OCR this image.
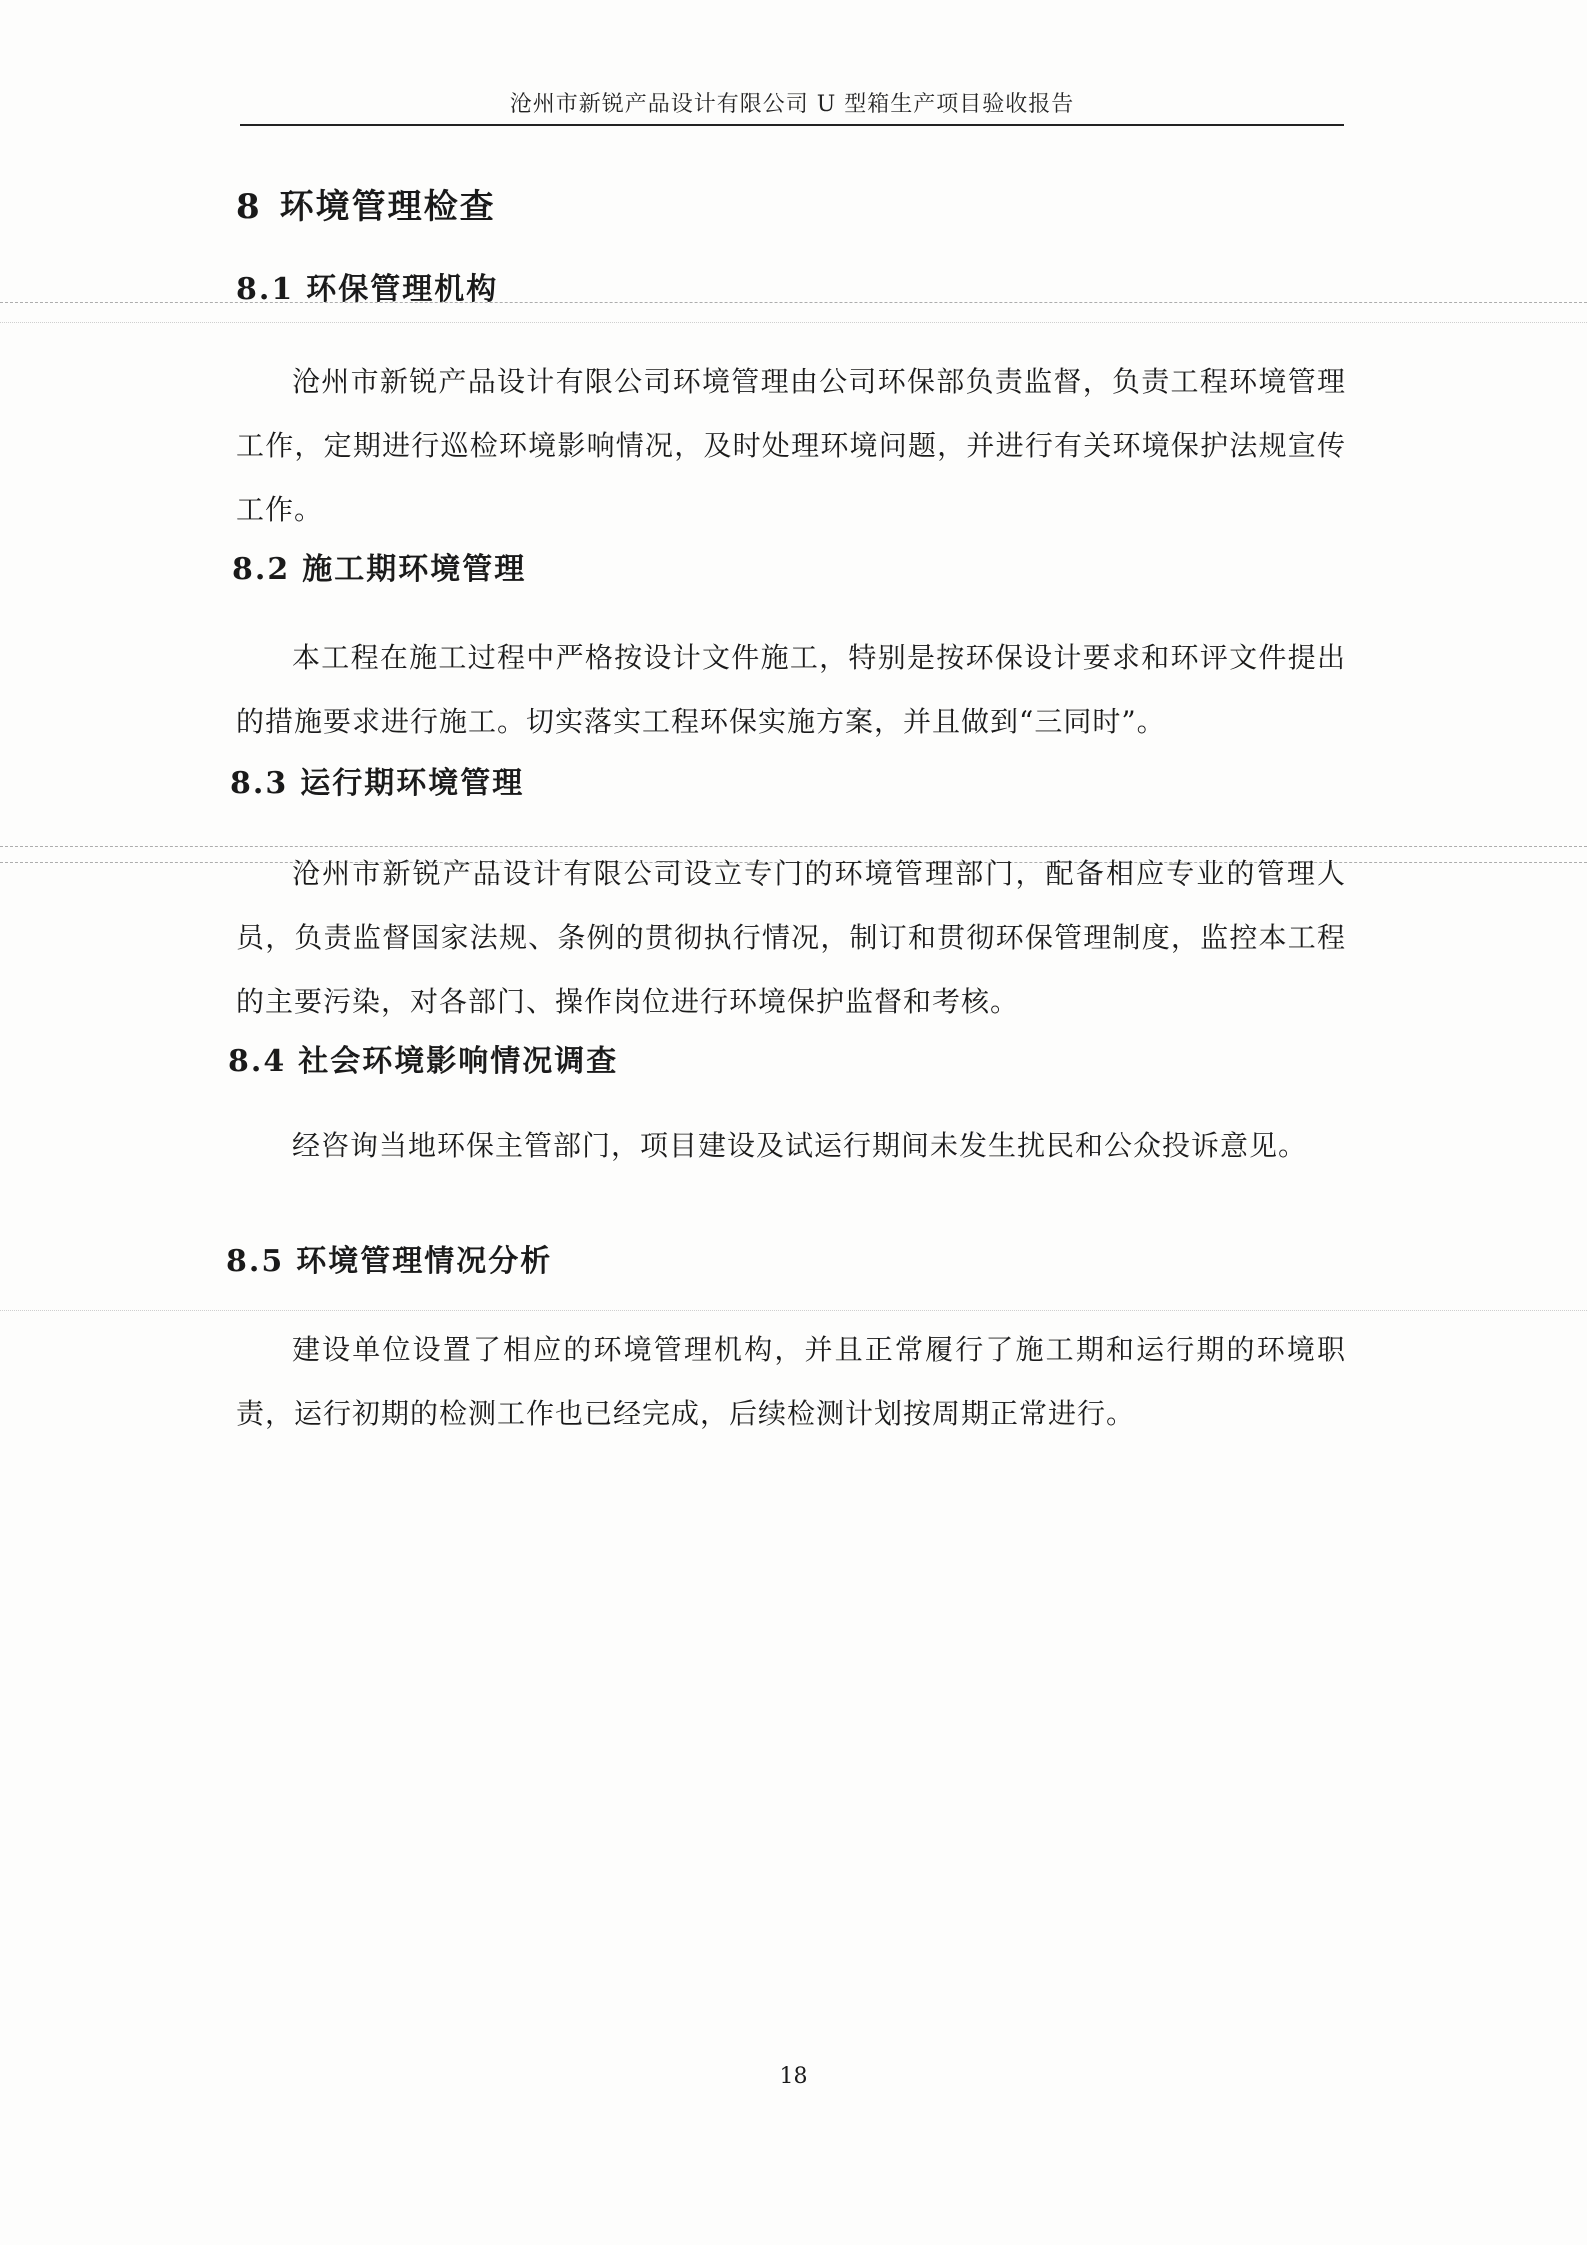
沧州市新锐产品设计有限公司 U 型箱生产项目验收报告
8 环境管理检查
8.1 环保管理机构
沧州市新锐产品设计有限公司环境管理由公司环保部负责监督，负责工程环境管理工作，定期进行巡检环境影响情况，及时处理环境问题，并进行有关环境保护法规宣传工作。
8.2 施工期环境管理
本工程在施工过程中严格按设计文件施工，特别是按环保设计要求和环评文件提出的措施要求进行施工。切实落实工程环保实施方案，并且做到“三同时”。
8.3 运行期环境管理
沧州市新锐产品设计有限公司设立专门的环境管理部门，配备相应专业的管理人员，负责监督国家法规、条例的贯彻执行情况，制订和贯彻环保管理制度，监控本工程的主要污染，对各部门、操作岗位进行环境保护监督和考核。
8.4 社会环境影响情况调查
经咨询当地环保主管部门，项目建设及试运行期间未发生扰民和公众投诉意见。
8.5 环境管理情况分析
建设单位设置了相应的环境管理机构，并且正常履行了施工期和运行期的环境职责，运行初期的检测工作也已经完成，后续检测计划按周期正常进行。
18
